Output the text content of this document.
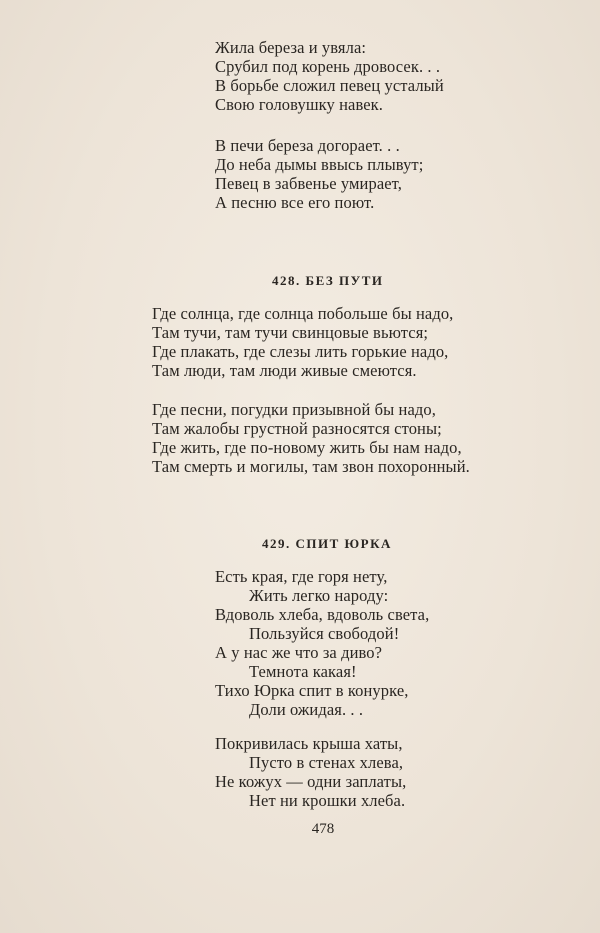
Жила береза и увяла:
Срубил под корень дровосек. . .
В борьбе сложил певец усталый
Свою головушку навек.
В печи береза догорает. . .
До неба дымы ввысь плывут;
Певец в забвенье умирает,
А песню все его поют.
428. БЕЗ ПУТИ
Где солнца, где солнца побольше бы надо,
Там тучи, там тучи свинцовые вьются;
Где плакать, где слезы лить горькие надо,
Там люди, там люди живые смеются.
Где песни, погудки призывной бы надо,
Там жалобы грустной разносятся стоны;
Где жить, где по-новому жить бы нам надо,
Там смерть и могилы, там звон похоронный.
429. СПИТ ЮРКА
Есть края, где горя нету,
Жить легко народу:
Вдоволь хлеба, вдоволь света,
Пользуйся свободой!
А у нас же что за диво?
Темнота какая!
Тихо Юрка спит в конурке,
Доли ожидая. . .
Покривилась крыша хаты,
Пусто в стенах хлева,
Не кожух — одни заплаты,
Нет ни крошки хлеба.
478
